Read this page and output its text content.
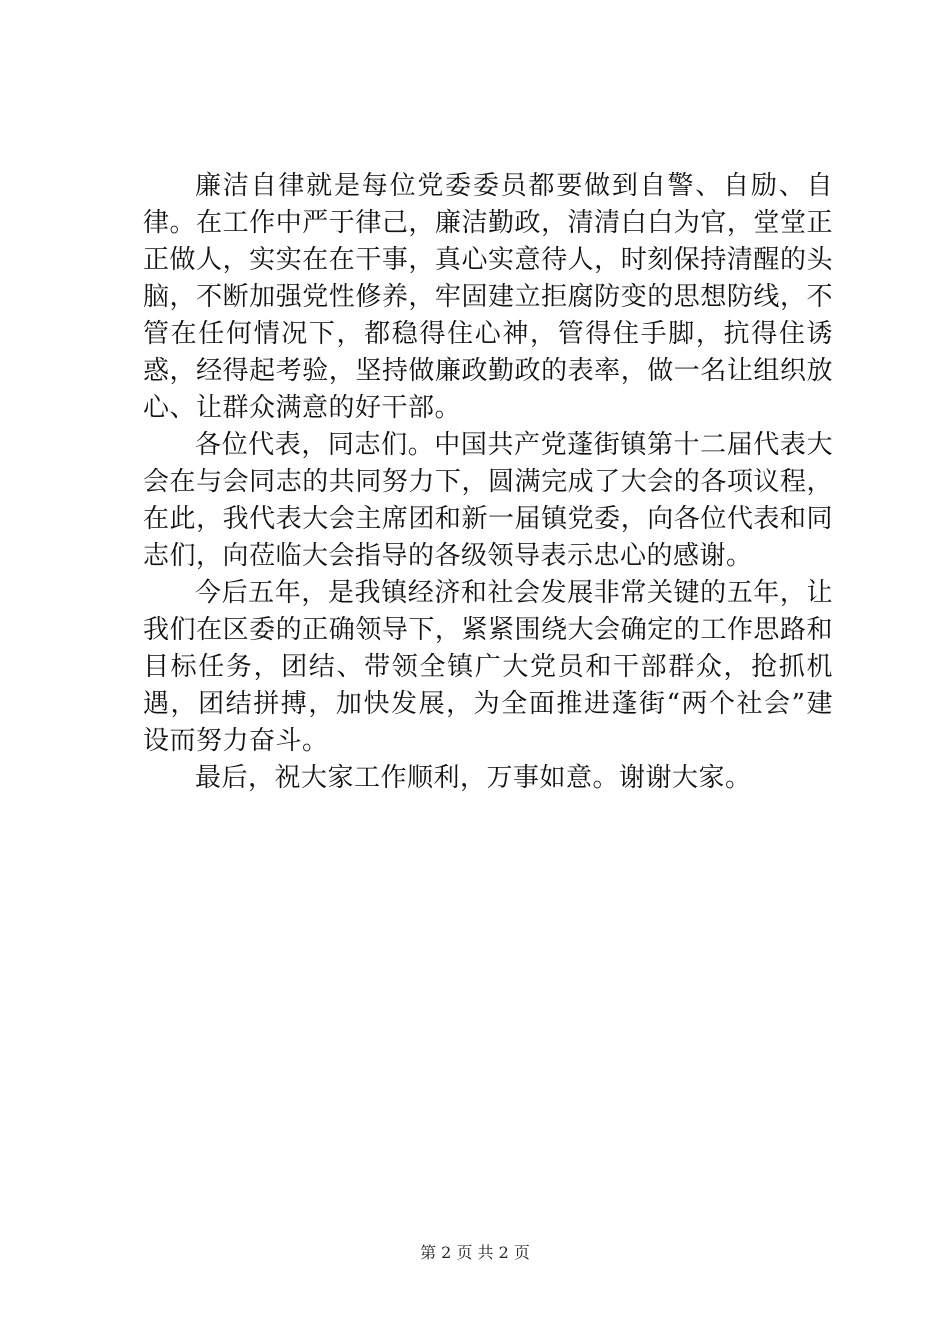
廉洁自律就是每位党委委员都要做到自警、自励、自律。在工作中严于律己，廉洁勤政，清清白白为官，堂堂正正做人，实实在在干事，真心实意待人，时刻保持清醒的头脑，不断加强党性修养，牢固建立拒腐防变的思想防线，不管在任何情况下，都稳得住心神，管得住手脚，抗得住诱惑，经得起考验，坚持做廉政勤政的表率，做一名让组织放心、让群众满意的好干部。

各位代表，同志们。中国共产党蓬街镇第十二届代表大会在与会同志的共同努力下，圆满完成了大会的各项议程，在此，我代表大会主席团和新一届镇党委，向各位代表和同志们，向莅临大会指导的各级领导表示忠心的感谢。

今后五年，是我镇经济和社会发展非常关键的五年，让我们在区委的正确领导下，紧紧围绕大会确定的工作思路和目标任务，团结、带领全镇广大党员和干部群众，抢抓机遇，团结拼搏，加快发展，为全面推进蓬街“两个社会”建设而努力奋斗。

最后，祝大家工作顺利，万事如意。谢谢大家。

第 2 页 共 2 页
